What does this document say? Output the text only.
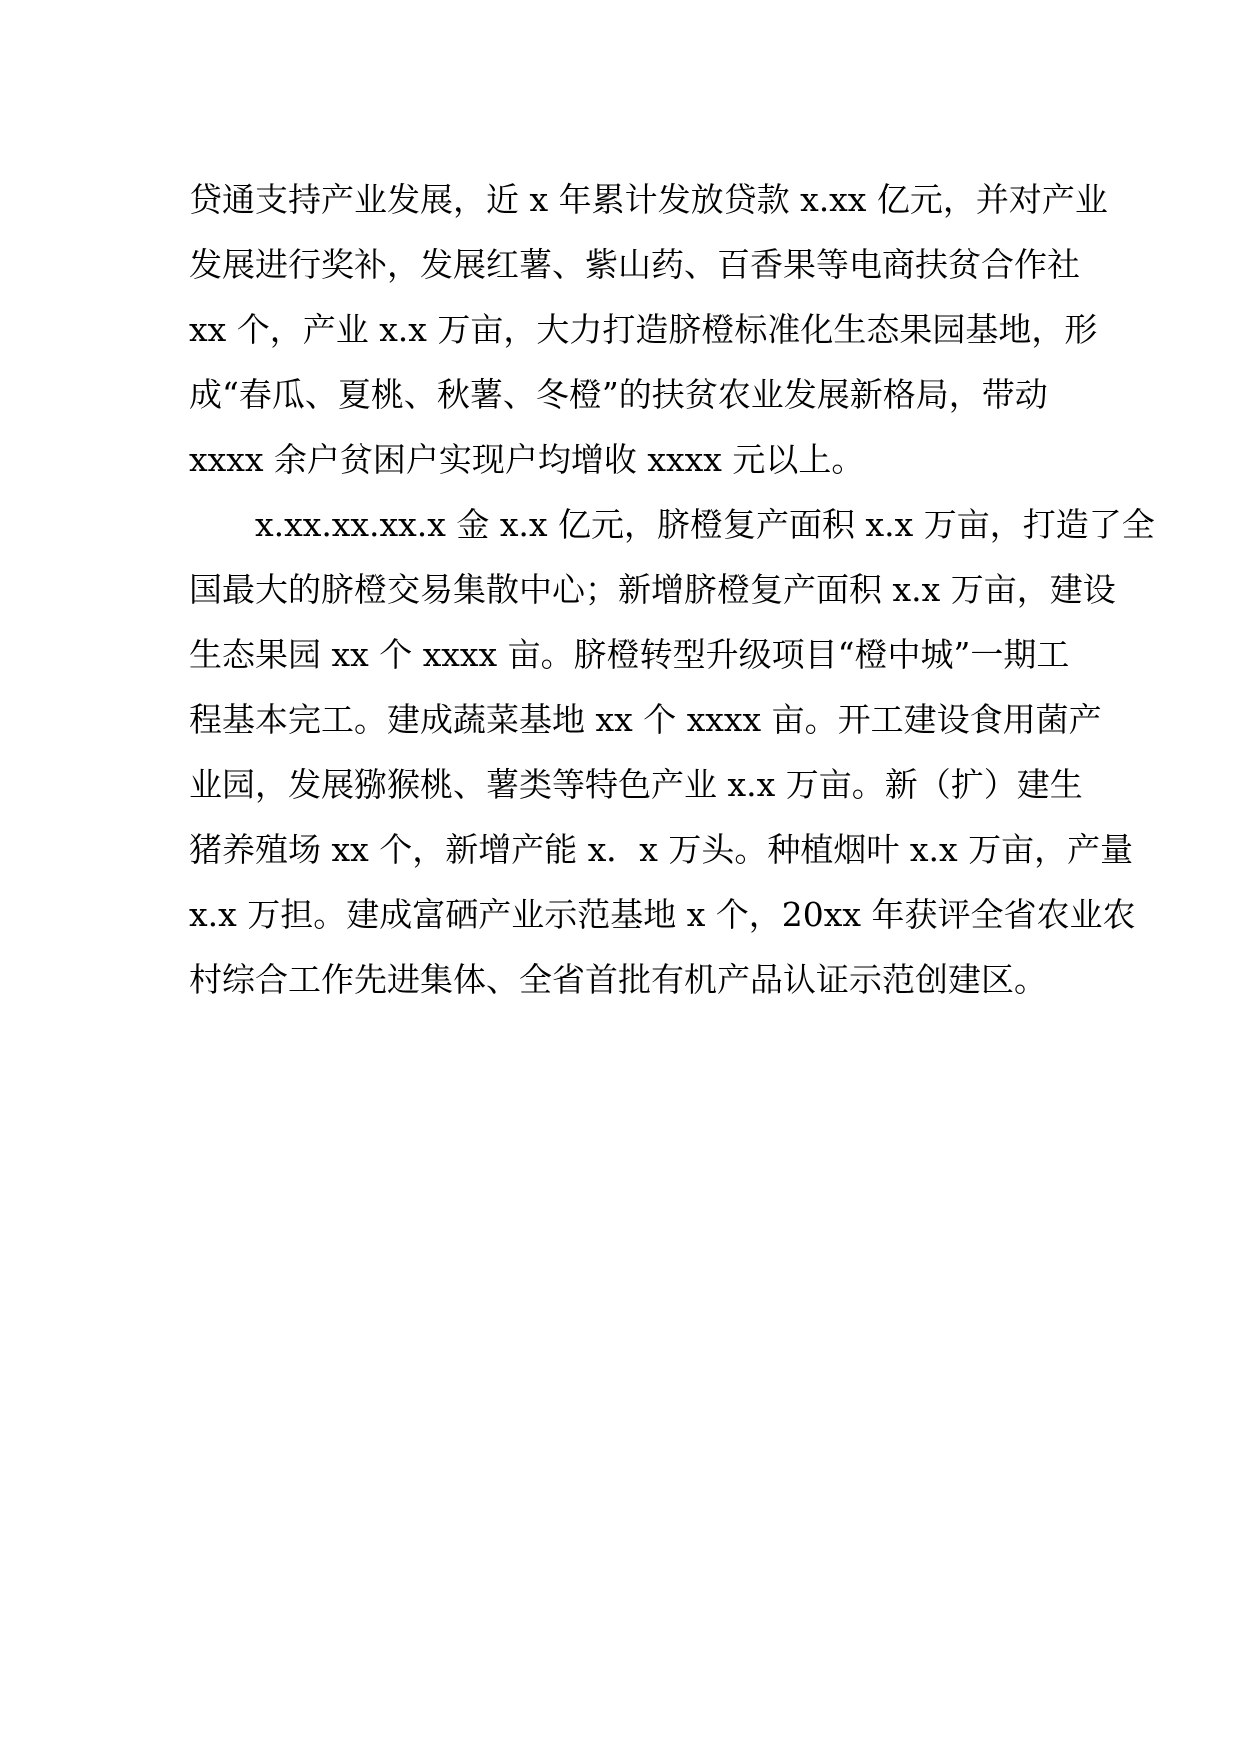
贷通支持产业发展，近 x 年累计发放贷款 x.xx 亿元，并对产业
发展进行奖补，发展红薯、紫山药、百香果等电商扶贫合作社
xx 个，产业 x.x 万亩，大力打造脐橙标准化生态果园基地，形
成“春瓜、夏桃、秋薯、冬橙”的扶贫农业发展新格局，带动
xxxx 余户贫困户实现户均增收 xxxx 元以上。

x.xx.xx.xx.x 金 x.x 亿元，脐橙复产面积 x.x 万亩，打造了全
国最大的脐橙交易集散中心；新增脐橙复产面积 x.x 万亩，建设
生态果园 xx 个 xxxx 亩。脐橙转型升级项目“橙中城”一期工
程基本完工。建成蔬菜基地 xx 个 xxxx 亩。开工建设食用菌产
业园，发展猕猴桃、薯类等特色产业 x.x 万亩。新（扩）建生
猪养殖场 xx 个，新增产能 x．x 万头。种植烟叶 x.x 万亩，产量
x.x 万担。建成富硒产业示范基地 x 个，20xx 年获评全省农业农
村综合工作先进集体、全省首批有机产品认证示范创建区。
